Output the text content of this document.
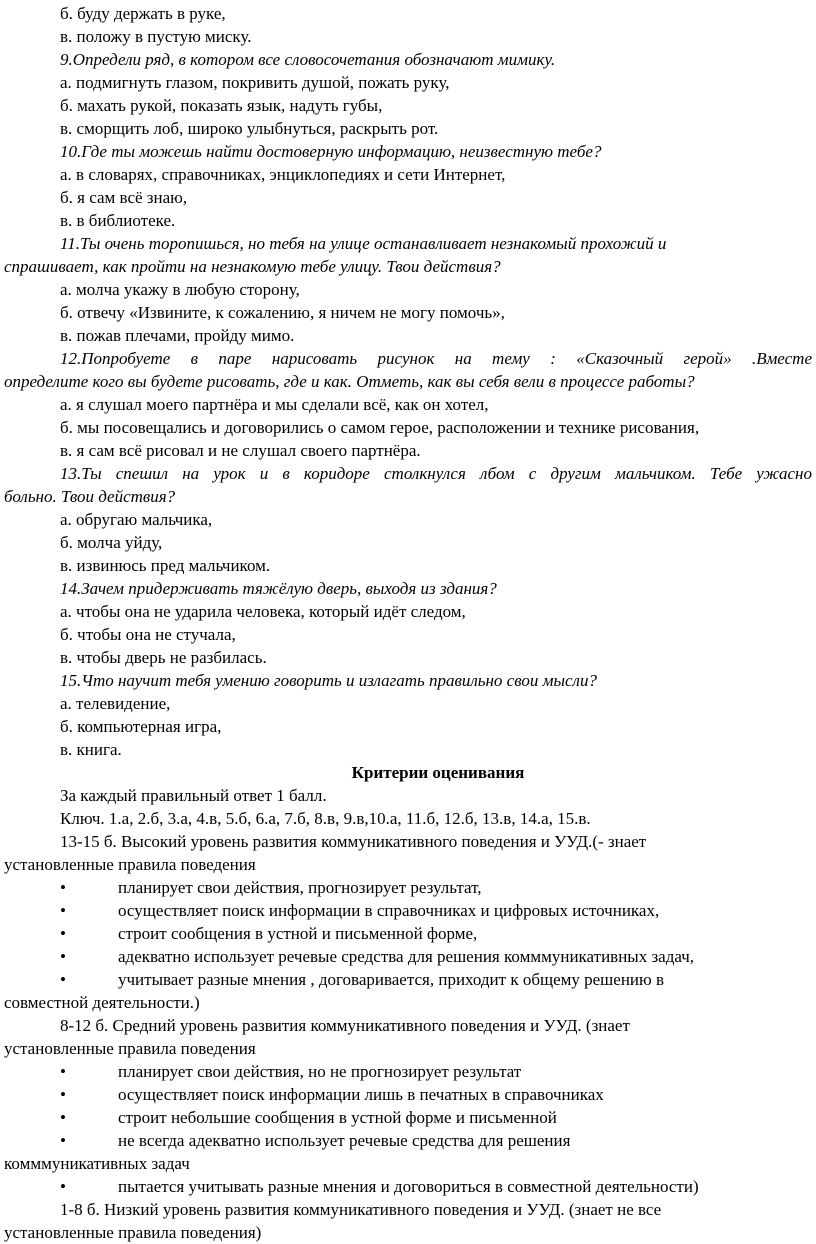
б. буду держать в руке,
в. положу в пустую миску.
9.Определи ряд, в котором все словосочетания обозначают мимику.
а. подмигнуть глазом, покривить душой, пожать руку,
б. махать рукой, показать язык, надуть губы,
в. сморщить лоб, широко улыбнуться, раскрыть рот.
10.Где ты можешь найти достоверную информацию, неизвестную тебе?
а. в словарях, справочниках, энциклопедиях и сети Интернет,
б. я сам всё знаю,
в. в библиотеке.
11.Ты очень торопишься, но тебя на улице останавливает незнакомый прохожий и
спрашивает, как пройти на незнакомую тебе улицу. Твои действия?
а. молча укажу в любую сторону,
б. отвечу «Извините, к сожалению, я ничем не могу помочь»,
в. пожав плечами, пройду мимо.
12.Попробуете в паре нарисовать рисунок на тему : «Сказочный герой» .Вместе
определите кого вы будете рисовать, где и как. Отметь, как вы себя вели в процессе работы?
а. я слушал моего партнёра и мы сделали всё, как он хотел,
б. мы посовещались и договорились о самом герое, расположении и технике рисования,
в. я сам всё рисовал и не слушал своего партнёра.
13.Ты спешил на урок и в коридоре столкнулся лбом с другим мальчиком. Тебе ужасно
больно. Твои действия?
а. обругаю мальчика,
б. молча уйду,
в. извинюсь пред мальчиком.
14.Зачем придерживать тяжёлую дверь, выходя из здания?
а. чтобы она не ударила человека, который идёт следом,
б. чтобы она не стучала,
в. чтобы дверь не разбилась.
15.Что научит тебя умению говорить и излагать правильно свои мысли?
а. телевидение,
б. компьютерная игра,
в. книга.
Критерии оценивания
За каждый правильный ответ 1 балл.
Ключ. 1.а, 2.б, 3.а, 4.в, 5.б, 6.а, 7.б, 8.в, 9.в,10.а, 11.б, 12.б, 13.в, 14.а, 15.в.
13-15 б. Высокий уровень развития коммуникативного поведения и УУД.(- знает
установленные правила поведения
•	планирует свои действия, прогнозирует результат,
•	осуществляет поиск информации в справочниках и цифровых источниках,
•	строит сообщения в устной и письменной форме,
•	адекватно использует речевые средства для решения комммуникативных задач,
•	учитывает разные мнения , договаривается, приходит к общему решению в
совместной деятельности.)
8-12 б. Средний уровень развития коммуникативного поведения и УУД. (знает
установленные правила поведения
•	планирует свои действия, но не прогнозирует результат
•	осуществляет поиск информации лишь в печатных в справочниках
•	строит небольшие сообщения в устной форме и письменной
•	не всегда адекватно использует речевые средства для решения
комммуникативных задач
•	пытается учитывать разные мнения и договориться в совместной деятельности)
1-8 б. Низкий уровень развития коммуникативного поведения и УУД. (знает не все
установленные правила поведения)
